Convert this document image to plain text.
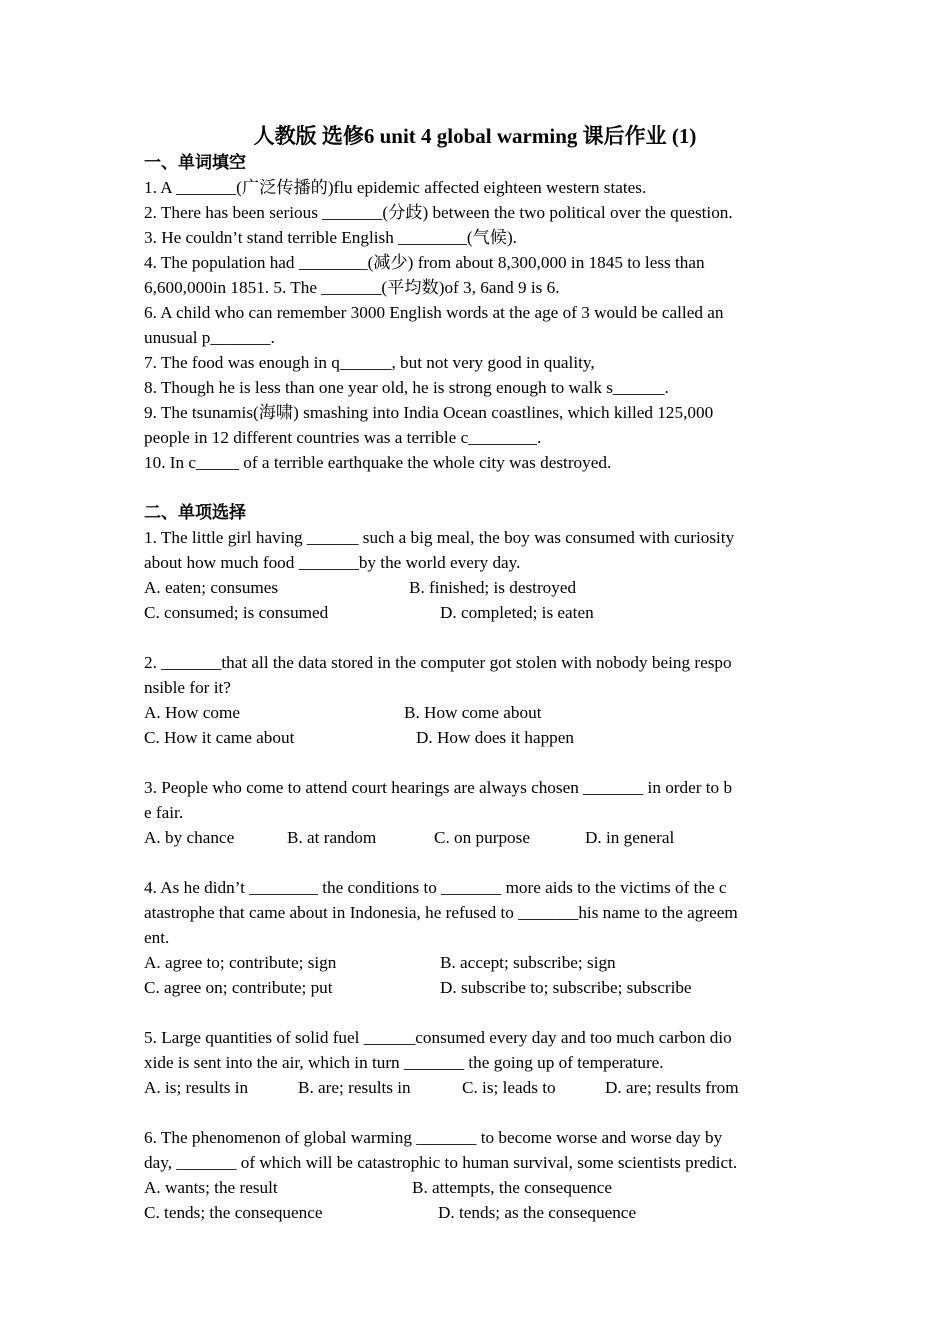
人教版 选修6 unit 4 global warming 课后作业 (1)

一、单词填空

1. A _______(广泛传播的)flu epidemic affected eighteen western states.

2. There has been serious _______(分歧) between the two political over the question.

3. He couldn’t stand terrible English ________(气候).

4. The population had ________(减少) from about 8,300,000 in 1845 to less than

6,600,000in 1851. 5. The _______(平均数)of 3, 6and 9 is 6.

6. A child who can remember 3000 English words at the age of 3 would be called an

unusual p_______.

7. The food was enough in q______, but not very good in quality,

8. Though he is less than one year old, he is strong enough to walk s______.

9. The tsunamis(海啸) smashing into India Ocean coastlines, which killed 125,000

people in 12 different countries was a terrible c________.

10. In c_____ of a terrible earthquake the whole city was destroyed.

二、单项选择

1. The little girl having ______ such a big meal, the boy was consumed with curiosity

about how much food _______by the world every day.

A. eaten; consumes	B. finished; is destroyed
C. consumed; is consumed	D. completed; is eaten

2. _______that all the data stored in the computer got stolen with nobody being respo

nsible for it?

A. How come	B. How come about
C. How it came about	D. How does it happen

3. People who come to attend court hearings are always chosen _______ in order to b

e fair.

A. by chance	B. at random	C. on purpose	D. in general

4. As he didn’t ________ the conditions to _______ more aids to the victims of the c

atastrophe that came about in Indonesia, he refused to _______his name to the agreem

ent.

A. agree to; contribute; sign	B. accept; subscribe; sign
C. agree on; contribute; put	D. subscribe to; subscribe; subscribe

5. Large quantities of solid fuel ______consumed every day and too much carbon dio

xide is sent into the air, which in turn _______ the going up of temperature.

A. is; results in	B. are; results in	C. is; leads to	D. are; results from

6. The phenomenon of global warming _______ to become worse and worse day by

day, _______ of which will be catastrophic to human survival, some scientists predict.

A. wants; the result	B. attempts, the consequence
C. tends; the consequence	D. tends; as the consequence
